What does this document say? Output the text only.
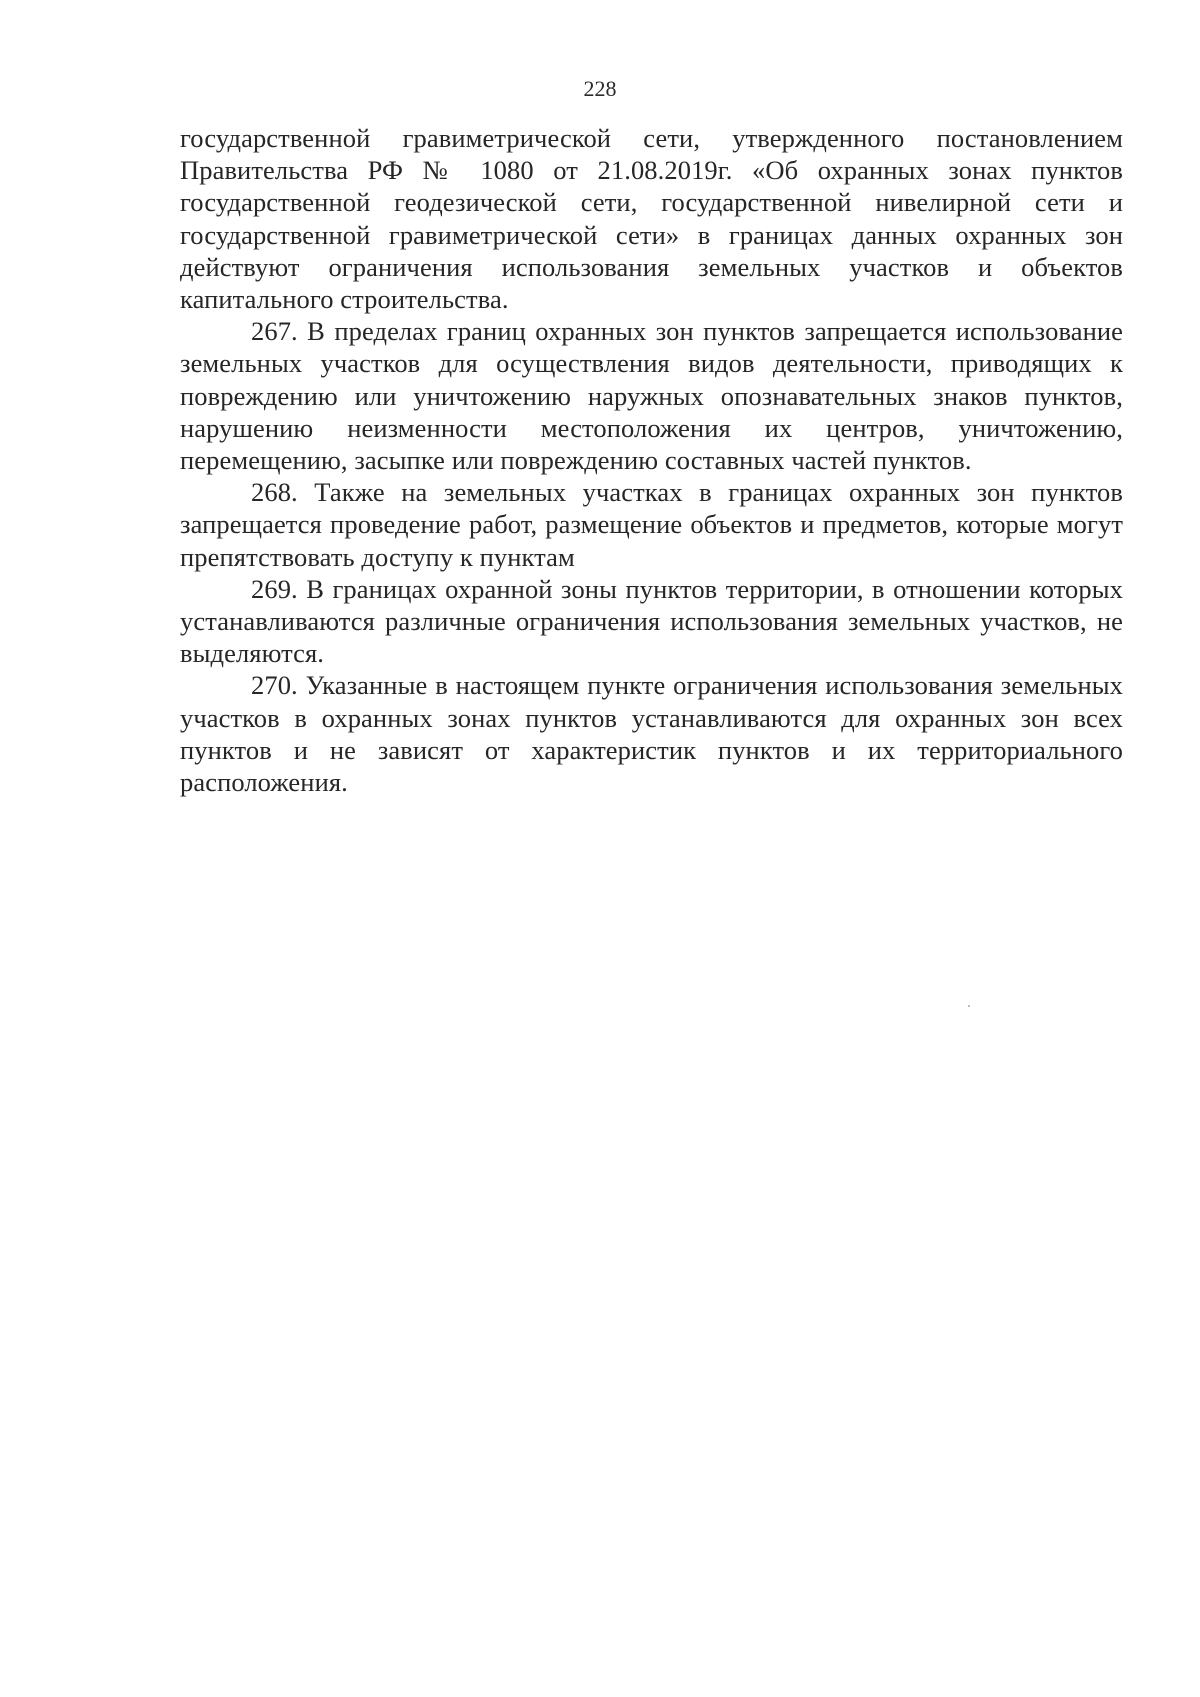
228

государственной гравиметрической сети, утвержденного постановлением Правительства РФ № 1080 от 21.08.2019г. «Об охранных зонах пунктов государственной геодезической сети, государственной нивелирной сети и государственной гравиметрической сети» в границах данных охранных зон действуют ограничения использования земельных участков и объектов капитального строительства.

267. В пределах границ охранных зон пунктов запрещается использование земельных участков для осуществления видов деятельности, приводящих к повреждению или уничтожению наружных опознавательных знаков пунктов, нарушению неизменности местоположения их центров, уничтожению, перемещению, засыпке или повреждению составных частей пунктов.

268. Также на земельных участках в границах охранных зон пунктов запрещается проведение работ, размещение объектов и предметов, которые могут препятствовать доступу к пунктам

269. В границах охранной зоны пунктов территории, в отношении которых устанавливаются различные ограничения использования земельных участков, не выделяются.

270. Указанные в настоящем пункте ограничения использования земельных участков в охранных зонах пунктов устанавливаются для охранных зон всех пунктов и не зависят от характеристик пунктов и их территориального расположения.
